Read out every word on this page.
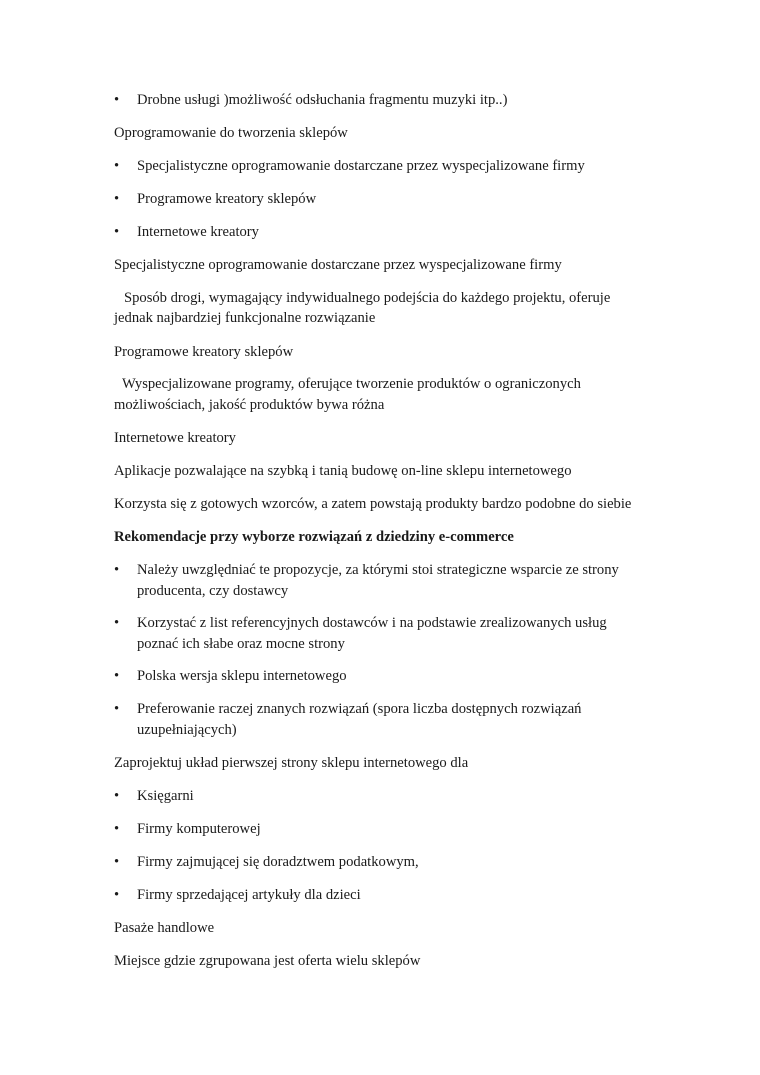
• Drobne usługi )możliwość odsłuchania fragmentu muzyki itp..)
Oprogramowanie do tworzenia sklepów
• Specjalistyczne oprogramowanie dostarczane przez wyspecjalizowane firmy
• Programowe kreatory sklepów
• Internetowe kreatory
Specjalistyczne oprogramowanie dostarczane przez wyspecjalizowane firmy
Sposób drogi, wymagający indywidualnego podejścia do każdego projektu, oferuje
jednak najbardziej funkcjonalne rozwiązanie
Programowe kreatory sklepów
Wyspecjalizowane programy, oferujące tworzenie produktów o ograniczonych
możliwościach, jakość produktów bywa różna
Internetowe kreatory
Aplikacje pozwalające na szybką i tanią budowę on-line sklepu internetowego
Korzysta się z gotowych wzorców, a zatem powstają produkty bardzo podobne do siebie
Rekomendacje przy wyborze rozwiązań z dziedziny e-commerce
• Należy uwzględniać te propozycje, za którymi stoi strategiczne wsparcie ze strony
producenta, czy dostawcy
• Korzystać z list referencyjnych dostawców i na podstawie zrealizowanych usług
poznać ich słabe oraz mocne strony
• Polska wersja sklepu internetowego
• Preferowanie raczej znanych rozwiązań (spora liczba dostępnych rozwiązań
uzupełniających)
Zaprojektuj układ pierwszej strony sklepu internetowego dla
• Księgarni
• Firmy komputerowej
• Firmy zajmującej się doradztwem podatkowym,
• Firmy sprzedającej artykuły dla dzieci
Pasaże handlowe
Miejsce gdzie zgrupowana jest oferta wielu sklepów
